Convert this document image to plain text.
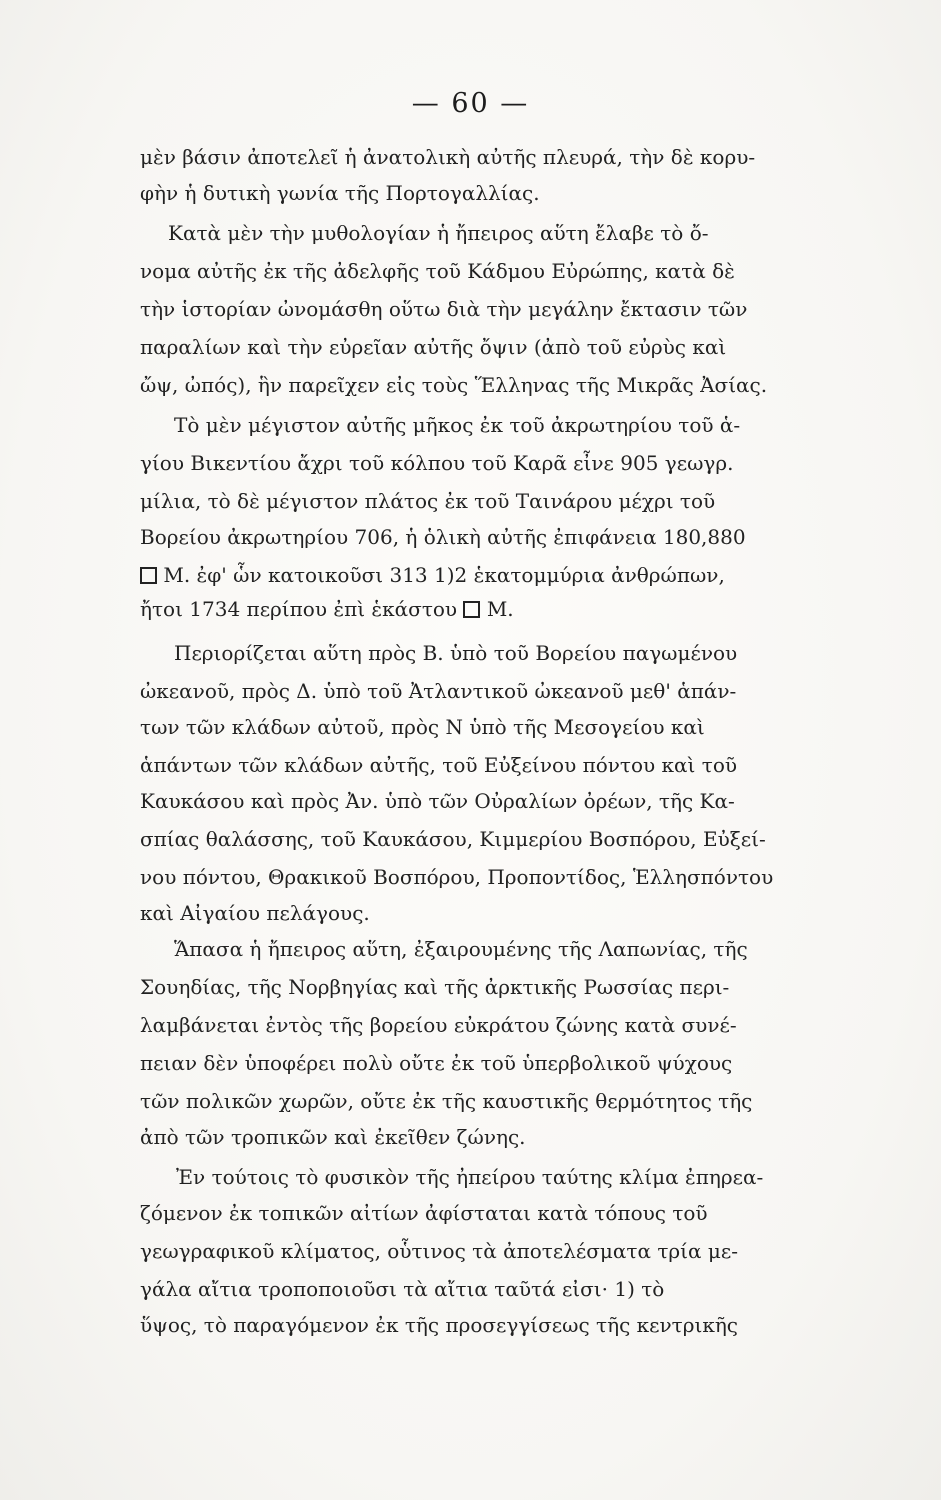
— 60 —
μὲν βάσιν ἀποτελεῖ ἡ ἀνατολικὴ αὐτῆς πλευρά, τὴν δὲ κορυ-
φὴν ἡ δυτικὴ γωνία τῆς Πορτογαλλίας.
Κατὰ μὲν τὴν μυθολογίαν ἡ ἤπειρος αὕτη ἔλαβε τὸ ὄ-
νομα αὐτῆς ἐκ τῆς ἀδελφῆς τοῦ Κάδμου Εὐρώπης, κατὰ δὲ
τὴν ἱστορίαν ὠνομάσθη οὕτω διὰ τὴν μεγάλην ἔκτασιν τῶν
παραλίων καὶ τὴν εὐρεῖαν αὐτῆς ὄψιν (ἀπὸ τοῦ εὐρὺς καὶ
ὤψ, ὠπός), ἣν παρεῖχεν εἰς τοὺς Ἕλληνας τῆς Μικρᾶς Ἀσίας.
Τὸ μὲν μέγιστον αὐτῆς μῆκος ἐκ τοῦ ἀκρωτηρίου τοῦ ἁ-
γίου Βικεντίου ἄχρι τοῦ κόλπου τοῦ Καρᾶ εἶνε 905 γεωγρ.
μίλια, τὸ δὲ μέγιστον πλάτος ἐκ τοῦ Ταινάρου μέχρι τοῦ
Βορείου ἀκρωτηρίου 706, ἡ ὁλικὴ αὐτῆς ἐπιφάνεια 180,880
Μ. ἐφ' ὧν κατοικοῦσι 313 1)2 ἑκατομμύρια ἀνθρώπων,
ἤτοι 1734 περίπου ἐπὶ ἑκάστου Μ.
Περιορίζεται αὕτη πρὸς Β. ὑπὸ τοῦ Βορείου παγωμένου
ὠκεανοῦ, πρὸς Δ. ὑπὸ τοῦ Ἀτλαντικοῦ ὠκεανοῦ μεθ' ἁπάν-
των τῶν κλάδων αὐτοῦ, πρὸς Ν ὑπὸ τῆς Μεσογείου καὶ
ἁπάντων τῶν κλάδων αὐτῆς, τοῦ Εὐξείνου πόντου καὶ τοῦ
Καυκάσου καὶ πρὸς Ἀν. ὑπὸ τῶν Οὐραλίων ὀρέων, τῆς Κα-
σπίας θαλάσσης, τοῦ Καυκάσου, Κιμμερίου Βοσπόρου, Εὐξεί-
νου πόντου, Θρακικοῦ Βοσπόρου, Προποντίδος, Ἑλλησπόντου
καὶ Αἰγαίου πελάγους.
Ἅπασα ἡ ἤπειρος αὕτη, ἐξαιρουμένης τῆς Λαπωνίας, τῆς
Σουηδίας, τῆς Νορβηγίας καὶ τῆς ἀρκτικῆς Ρωσσίας περι-
λαμβάνεται ἐντὸς τῆς βορείου εὐκράτου ζώνης κατὰ συνέ-
πειαν δὲν ὑποφέρει πολὺ οὔτε ἐκ τοῦ ὑπερβολικοῦ ψύχους
τῶν πολικῶν χωρῶν, οὔτε ἐκ τῆς καυστικῆς θερμότητος τῆς
ἀπὸ τῶν τροπικῶν καὶ ἐκεῖθεν ζώνης.
Ἐν τούτοις τὸ φυσικὸν τῆς ἠπείρου ταύτης κλίμα ἐπηρεα-
ζόμενον ἐκ τοπικῶν αἰτίων ἀφίσταται κατὰ τόπους τοῦ
γεωγραφικοῦ κλίματος, οὗτινος τὰ ἀποτελέσματα τρία με-
γάλα αἴτια τροποποιοῦσι τὰ αἴτια ταῦτά εἰσι· 1) τὸ
ὕψος, τὸ παραγόμενον ἐκ τῆς προσεγγίσεως τῆς κεντρικῆς
